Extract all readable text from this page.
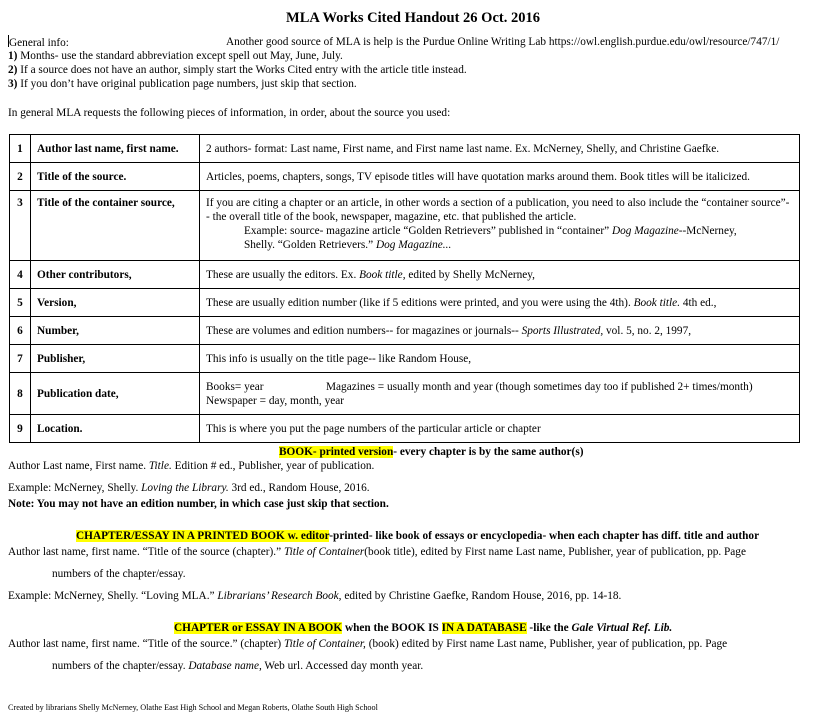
MLA Works Cited Handout 26 Oct. 2016
General info:	Another good source of MLA is help is the Purdue Online Writing Lab https://owl.english.purdue.edu/owl/resource/747/1/
1) Months- use the standard abbreviation except spell out May, June, July.
2) If a source does not have an author, simply start the Works Cited entry with the article title instead.
3) If you don’t have original publication page numbers, just skip that section.
In general MLA requests the following pieces of information, in order, about the source you used:
1	Author last name, first name.	2 authors- format: Last name, First name, and First name last name. Ex. McNerney, Shelly, and Christine Gaefke.
2	Title of the source.	Articles, poems, chapters, songs, TV episode titles will have quotation marks around them. Book titles will be italicized.
3	Title of the container source,	If you are citing a chapter or an article, in other words a section of a publication, you need to also include the “container source”-- the overall title of the book, newspaper, magazine, etc. that published the article.
Example: source- magazine article “Golden Retrievers” published in “container” Dog Magazine--McNerney,
Shelly. “Golden Retrievers.” Dog Magazine...

4	Other contributors,	These are usually the editors. Ex. Book title, edited by Shelly McNerney,
5	Version,	These are usually edition number (like if 5 editions were printed, and you were using the 4th). Book title. 4th ed.,
6	Number,	These are volumes and edition numbers-- for magazines or journals-- Sports Illustrated, vol. 5, no. 2, 1997,
7	Publisher,	This info is usually on the title page-- like Random House,
8	Publication date,	Books= year Magazines = usually month and year (though sometimes day too if published 2+ times/month)
Newspaper = day, month, year
9	Location.	This is where you put the page numbers of the particular article or chapter
BOOK- printed version- every chapter is by the same author(s)
Author Last name, First name. Title. Edition # ed., Publisher, year of publication.
Example: McNerney, Shelly. Loving the Library. 3rd ed., Random House, 2016.
Note: You may not have an edition number, in which case just skip that section.
CHAPTER/ESSAY IN A PRINTED BOOK w. editor-printed- like book of essays or encyclopedia- when each chapter has diff. title and author
Author last name, first name. “Title of the source (chapter).” Title of Container(book title), edited by First name Last name, Publisher, year of publication, pp. Page
numbers of the chapter/essay.
Example: McNerney, Shelly. “Loving MLA.” Librarians’ Research Book, edited by Christine Gaefke, Random House, 2016, pp. 14-18.
CHAPTER or ESSAY IN A BOOK when the BOOK IS IN A DATABASE -like the Gale Virtual Ref. Lib.
Author last name, first name. “Title of the source.” (chapter) Title of Container, (book) edited by First name Last name, Publisher, year of publication, pp. Page
numbers of the chapter/essay. Database name, Web url. Accessed day month year.
Created by librarians Shelly McNerney, Olathe East High School and Megan Roberts, Olathe South High School
